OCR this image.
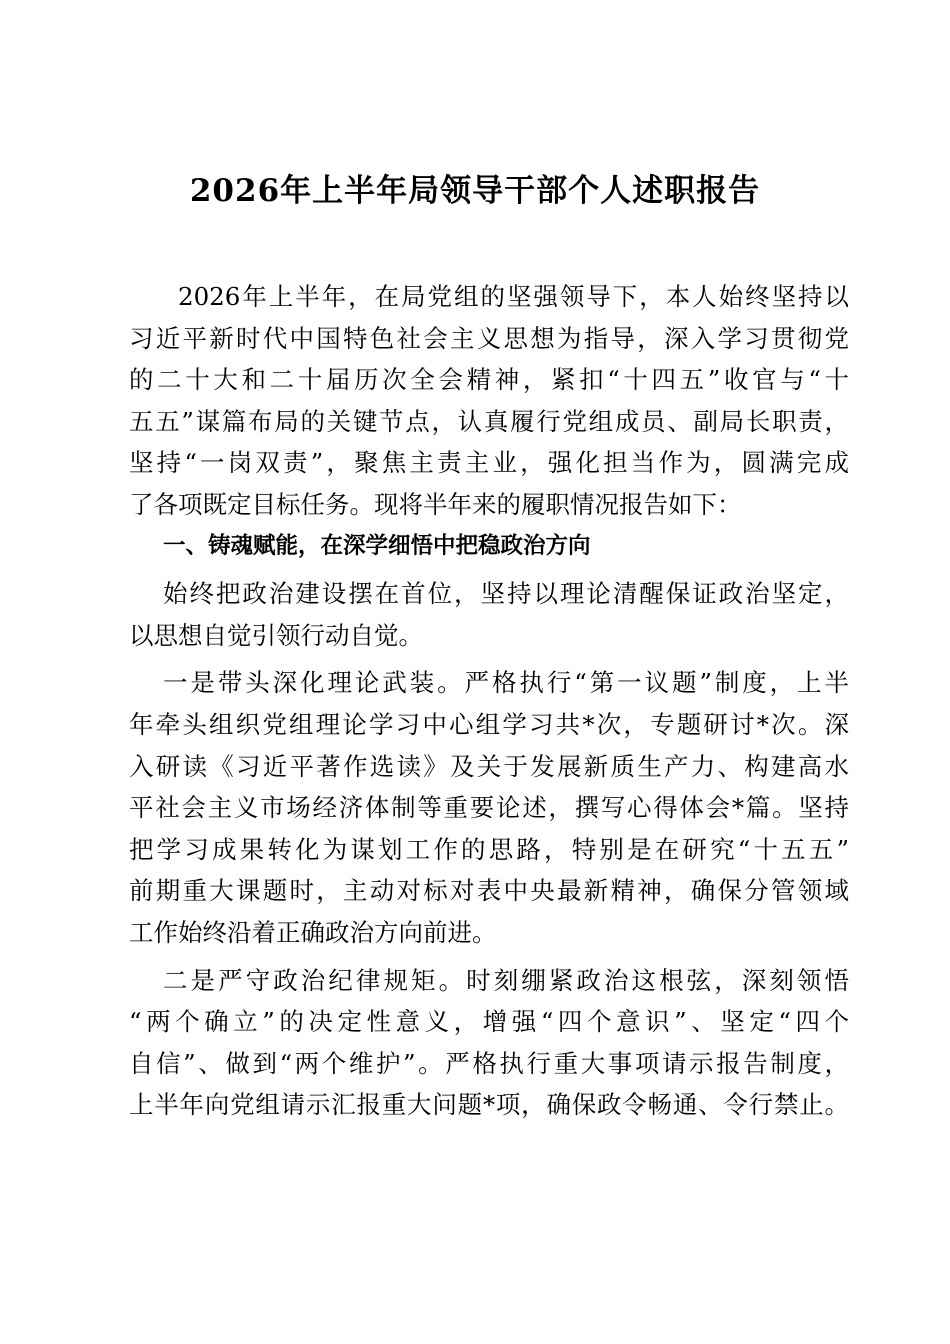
2026年上半年局领导干部个人述职报告
2026年上半年，在局党组的坚强领导下，本人始终坚持以
习近平新时代中国特色社会主义思想为指导，深入学习贯彻党
的二十大和二十届历次全会精神，紧扣“十四五”收官与“十
五五”谋篇布局的关键节点，认真履行党组成员、副局长职责，
坚持“一岗双责”，聚焦主责主业，强化担当作为，圆满完成
了各项既定目标任务。现将半年来的履职情况报告如下：
一、铸魂赋能，在深学细悟中把稳政治方向
始终把政治建设摆在首位，坚持以理论清醒保证政治坚定，
以思想自觉引领行动自觉。
一是带头深化理论武装。严格执行“第一议题”制度，上半
年牵头组织党组理论学习中心组学习共*次，专题研讨*次。深
入研读《习近平著作选读》及关于发展新质生产力、构建高水
平社会主义市场经济体制等重要论述，撰写心得体会*篇。坚持
把学习成果转化为谋划工作的思路，特别是在研究“十五五”
前期重大课题时，主动对标对表中央最新精神，确保分管领域
工作始终沿着正确政治方向前进。
二是严守政治纪律规矩。时刻绷紧政治这根弦，深刻领悟
“两个确立”的决定性意义，增强“四个意识”、坚定“四个
自信”、做到“两个维护”。严格执行重大事项请示报告制度，
上半年向党组请示汇报重大问题*项，确保政令畅通、令行禁止。
